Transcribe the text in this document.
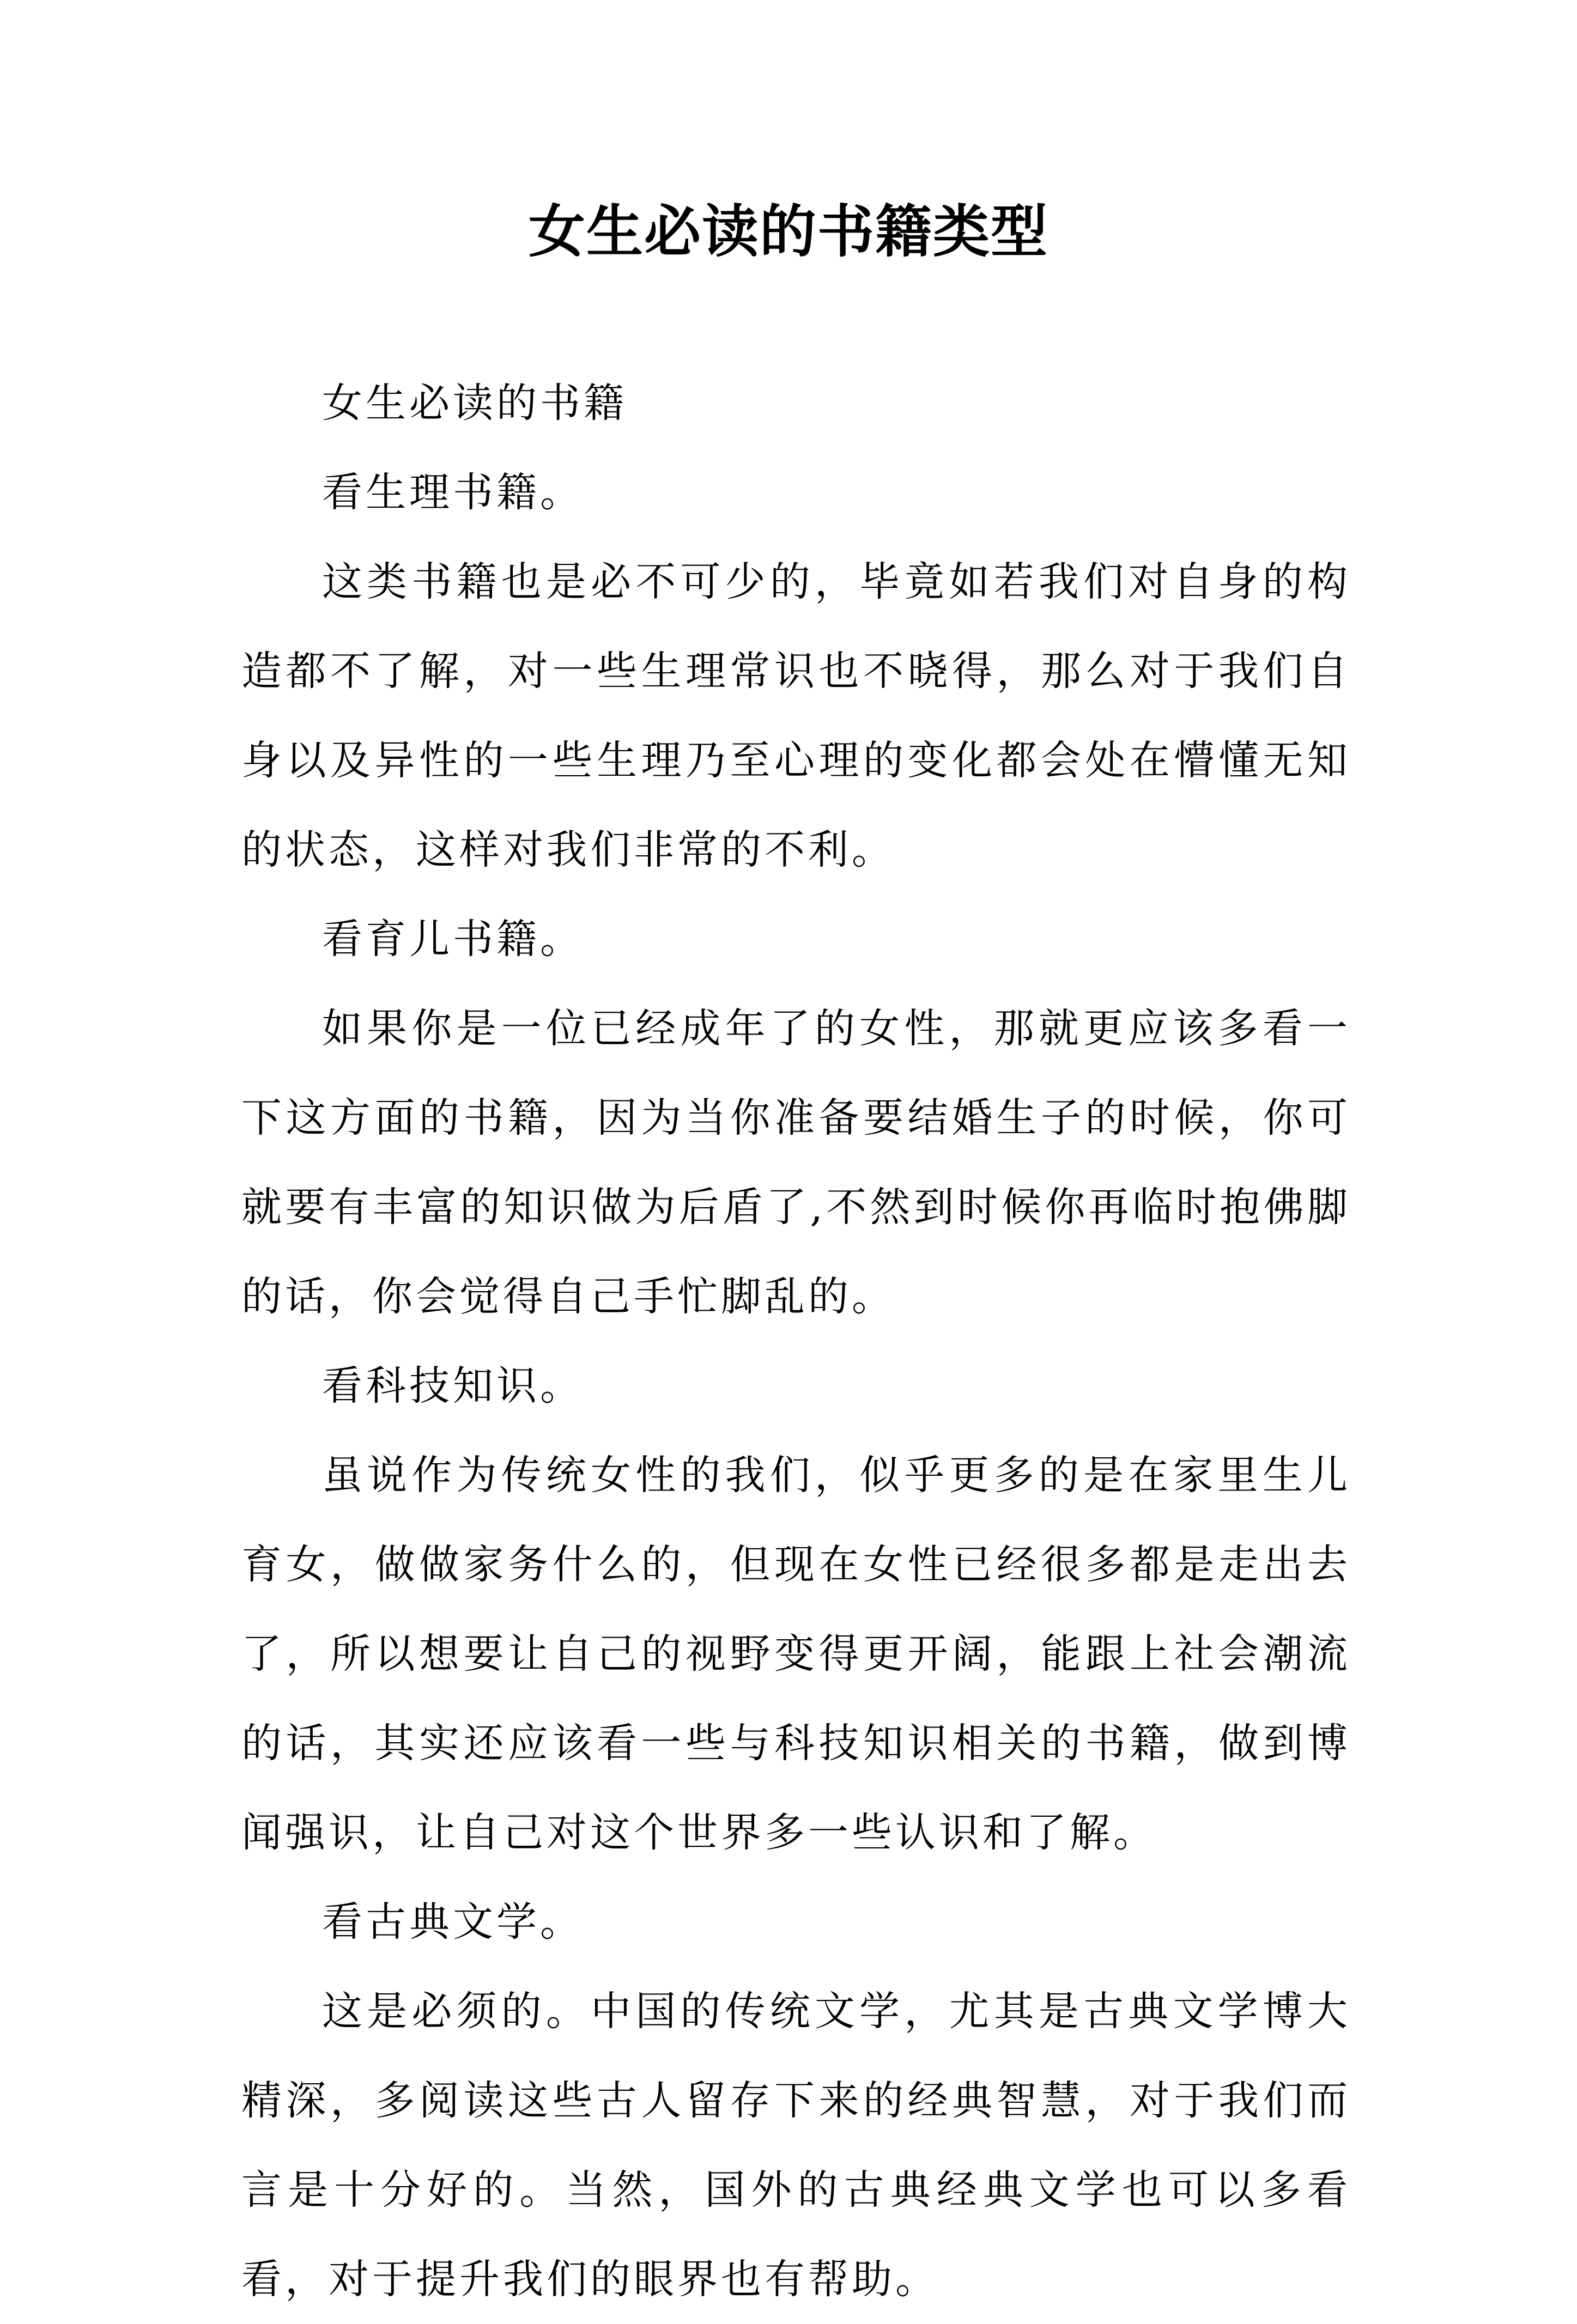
女生必读的书籍类型

女生必读的书籍

看生理书籍。

这类书籍也是必不可少的，毕竟如若我们对自身的构造都不了解，对一些生理常识也不晓得，那么对于我们自身以及异性的一些生理乃至心理的变化都会处在懵懂无知的状态，这样对我们非常的不利。

看育儿书籍。

如果你是一位已经成年了的女性，那就更应该多看一下这方面的书籍，因为当你准备要结婚生子的时候，你可就要有丰富的知识做为后盾了,不然到时候你再临时抱佛脚的话，你会觉得自己手忙脚乱的。

看科技知识。

虽说作为传统女性的我们，似乎更多的是在家里生儿育女，做做家务什么的，但现在女性已经很多都是走出去了，所以想要让自己的视野变得更开阔，能跟上社会潮流的话，其实还应该看一些与科技知识相关的书籍，做到博闻强识，让自己对这个世界多一些认识和了解。

看古典文学。

这是必须的。中国的传统文学，尤其是古典文学博大精深，多阅读这些古人留存下来的经典智慧，对于我们而言是十分好的。当然，国外的古典经典文学也可以多看看，对于提升我们的眼界也有帮助。
